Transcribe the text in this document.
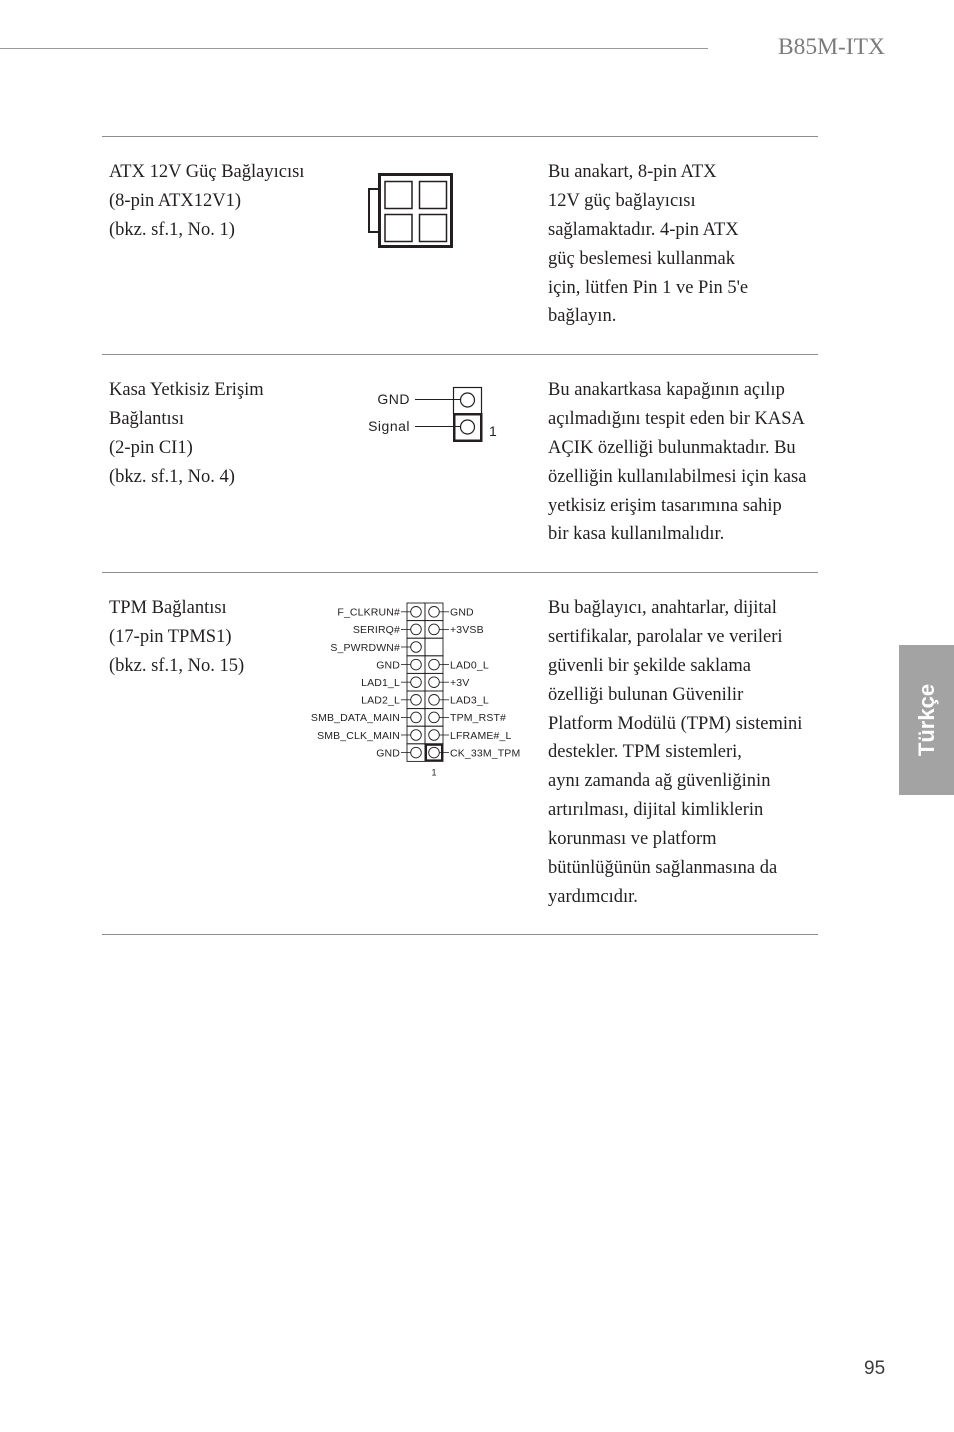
B85M-ITX
ATX 12V Güç Bağlayıcısı
(8-pin ATX12V1)
(bkz. sf.1, No. 1)
Bu anakart, 8-pin ATX
12V güç bağlayıcısı
sağlamaktadır. 4-pin ATX
güç beslemesi kullanmak
için, lütfen Pin 1 ve Pin 5'e
bağlayın.
Kasa Yetkisiz Erişim
Bağlantısı
(2-pin CI1)
(bkz. sf.1, No. 4)
GND
Signal	1
Bu anakartkasa kapağının açılıp
açılmadığını tespit eden bir KASA
AÇIK özelliği bulunmaktadır. Bu
özelliğin kullanılabilmesi için kasa
yetkisiz erişim tasarımına sahip
bir kasa kullanılmalıdır.
TPM Bağlantısı
(17-pin TPMS1)
(bkz. sf.1, No. 15)
F_CLKRUN#	GND
SERIRQ#	+3VSB
S_PWRDWN#
GND	LAD0_L
LAD1_L	+3V
LAD2_L	LAD3_L
SMB_DATA_MAIN	TPM_RST#
SMB_CLK_MAIN	LFRAME#_L
GND	CK_33M_TPM
1
Bu bağlayıcı, anahtarlar, dijital
sertifikalar, parolalar ve verileri
güvenli bir şekilde saklama
özelliği bulunan Güvenilir
Platform Modülü (TPM) sistemini
destekler. TPM sistemleri,
aynı zamanda ağ güvenliğinin
artırılması, dijital kimliklerin
korunması ve platform
bütünlüğünün sağlanmasına da
yardımcıdır.
Türkçe
95
